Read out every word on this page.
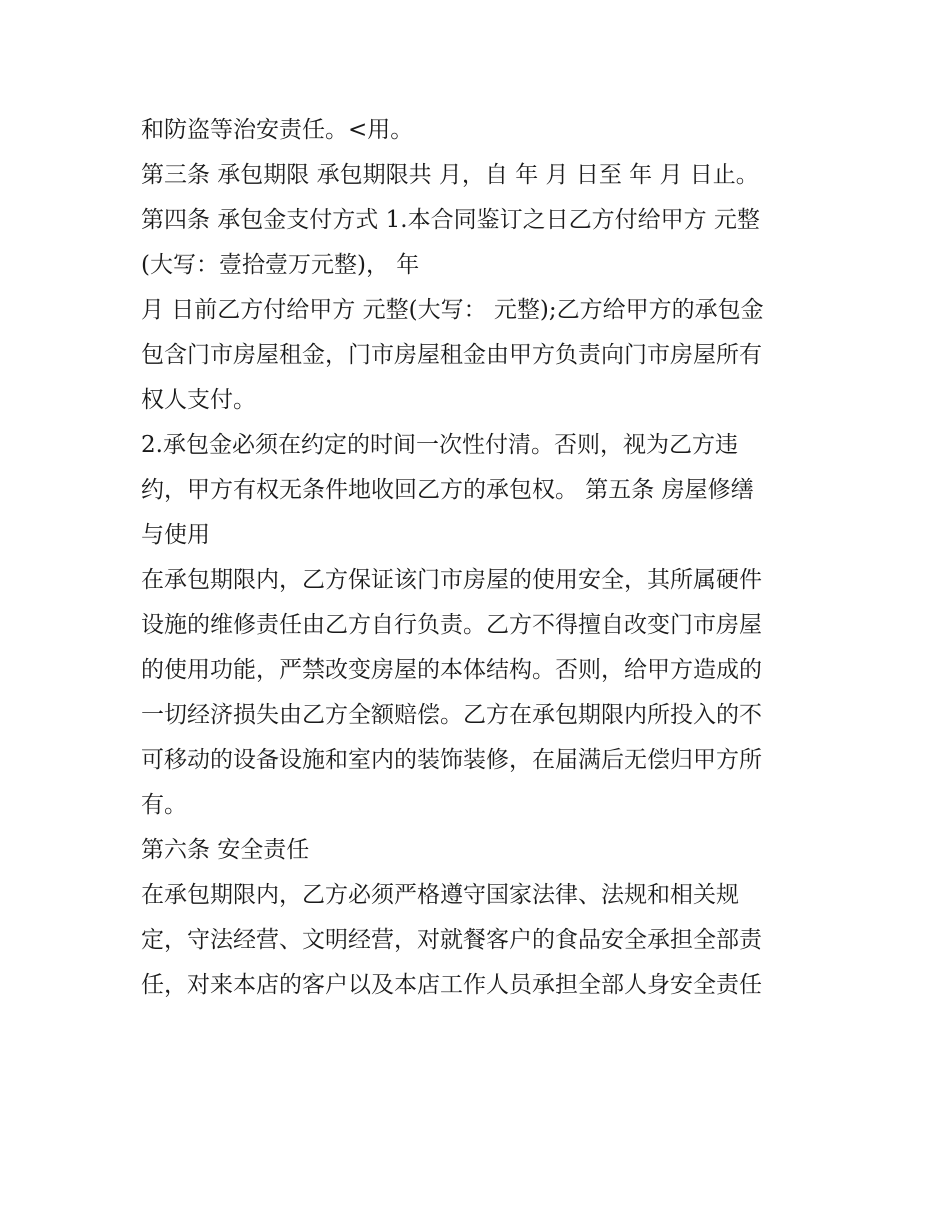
和防盗等治安责任。<用。
第三条 承包期限 承包期限共 月，自 年 月 日至 年 月 日止。
第四条 承包金支付方式 1.本合同鉴订之日乙方付给甲方 元整
(大写：壹拾壹万元整)， 年
月 日前乙方付给甲方 元整(大写： 元整);乙方给甲方的承包金
包含门市房屋租金，门市房屋租金由甲方负责向门市房屋所有
权人支付。
2.承包金必须在约定的时间一次性付清。否则，视为乙方违
约，甲方有权无条件地收回乙方的承包权。 第五条 房屋修缮
与使用
在承包期限内，乙方保证该门市房屋的使用安全，其所属硬件
设施的维修责任由乙方自行负责。乙方不得擅自改变门市房屋
的使用功能，严禁改变房屋的本体结构。否则，给甲方造成的
一切经济损失由乙方全额赔偿。乙方在承包期限内所投入的不
可移动的设备设施和室内的装饰装修，在届满后无偿归甲方所
有。
第六条 安全责任
在承包期限内，乙方必须严格遵守国家法律、法规和相关规
定，守法经营、文明经营，对就餐客户的食品安全承担全部责
任，对来本店的客户以及本店工作人员承担全部人身安全责任
